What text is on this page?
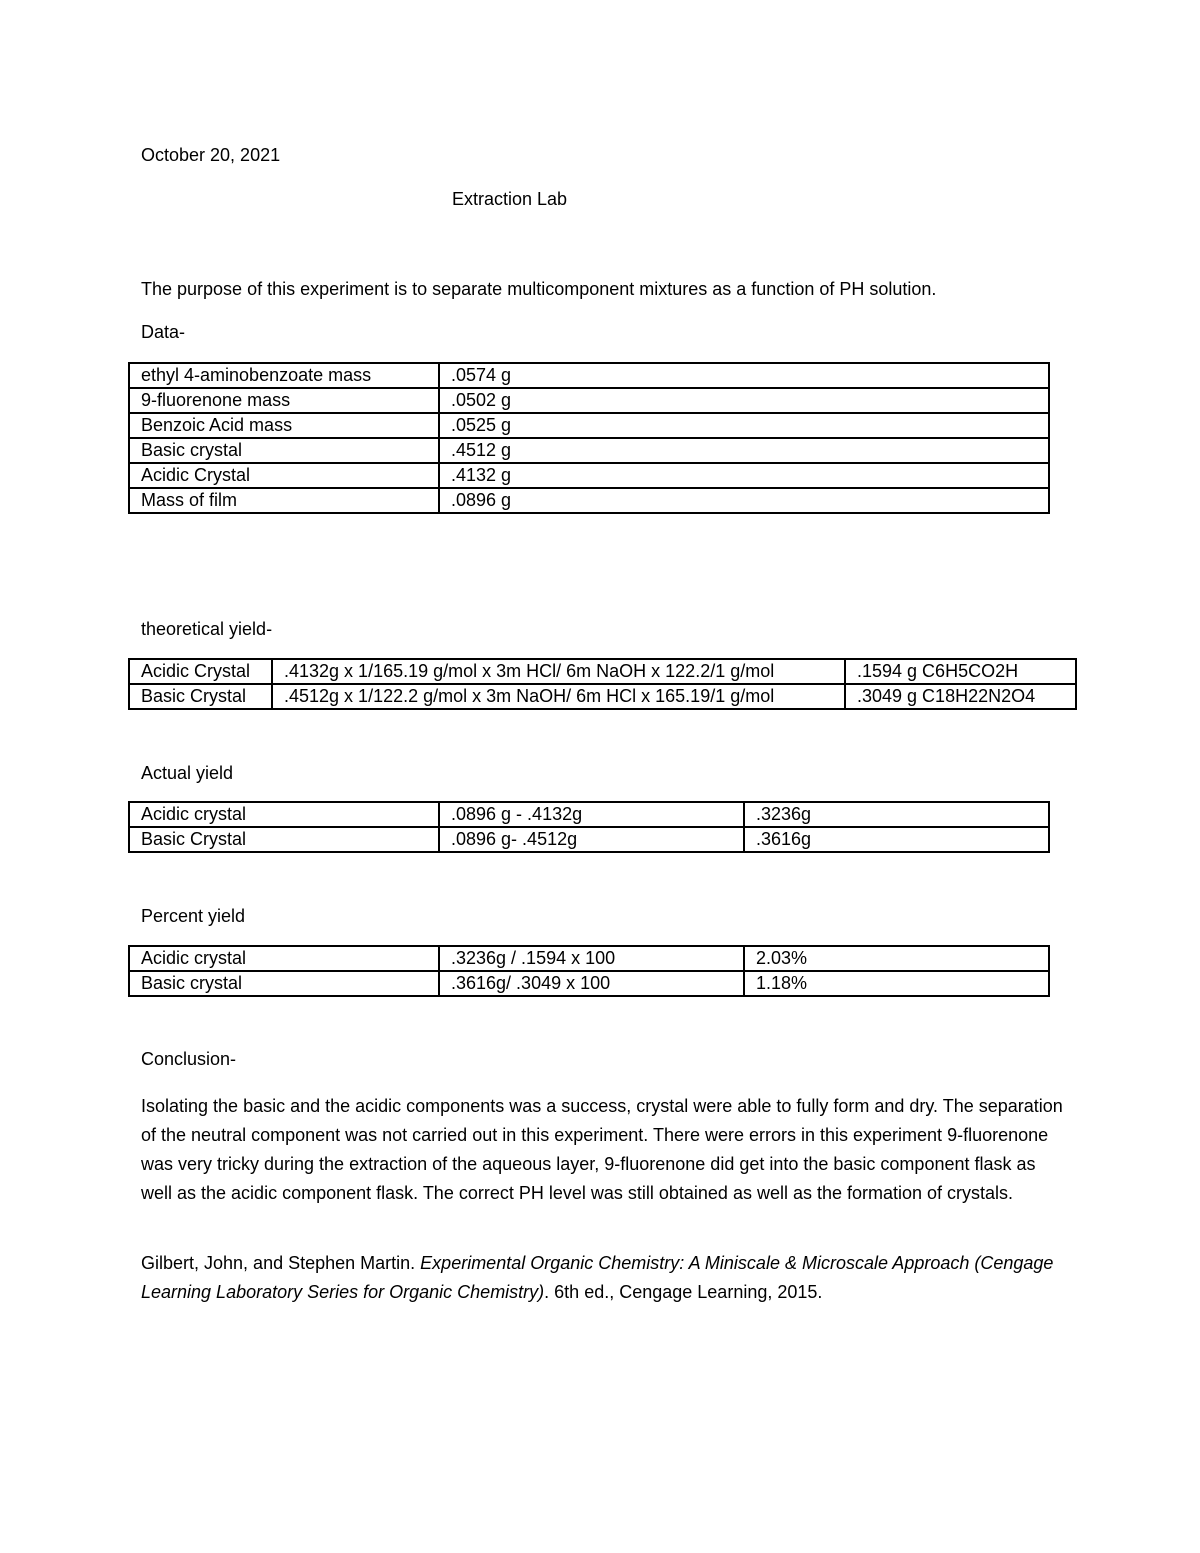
October 20, 2021
Extraction Lab
The purpose of this experiment is to separate multicomponent mixtures as a function of PH solution.
Data-
ethyl 4-aminobenzoate mass	.0574 g
9-fluorenone mass	.0502 g
Benzoic Acid mass	.0525 g
Basic crystal	.4512 g
Acidic Crystal	.4132 g
Mass of film	.0896 g
theoretical yield-
Acidic Crystal	.4132g x 1/165.19 g/mol x 3m HCl/ 6m NaOH x 122.2/1 g/mol	.1594 g C6H5CO2H
Basic Crystal	.4512g x 1/122.2 g/mol x 3m NaOH/ 6m HCl x 165.19/1 g/mol	.3049 g C18H22N2O4
Actual yield
Acidic crystal	.0896 g - .4132g	.3236g
Basic Crystal	.0896 g- .4512g	.3616g
Percent yield
Acidic crystal	.3236g / .1594 x 100	2.03%
Basic crystal	.3616g/ .3049 x 100	1.18%
Conclusion-

Isolating the basic and the acidic components was a success, crystal were able to fully form and dry. The separation of the neutral component was not carried out in this experiment. There were errors in this experiment 9-fluorenone was very tricky during the extraction of the aqueous layer, 9-fluorenone did get into the basic component flask as well as the acidic component flask. The correct PH level was still obtained as well as the formation of crystals.

Gilbert, John, and Stephen Martin. Experimental Organic Chemistry: A Miniscale & Microscale Approach (Cengage Learning Laboratory Series for Organic Chemistry). 6th ed., Cengage Learning, 2015.
